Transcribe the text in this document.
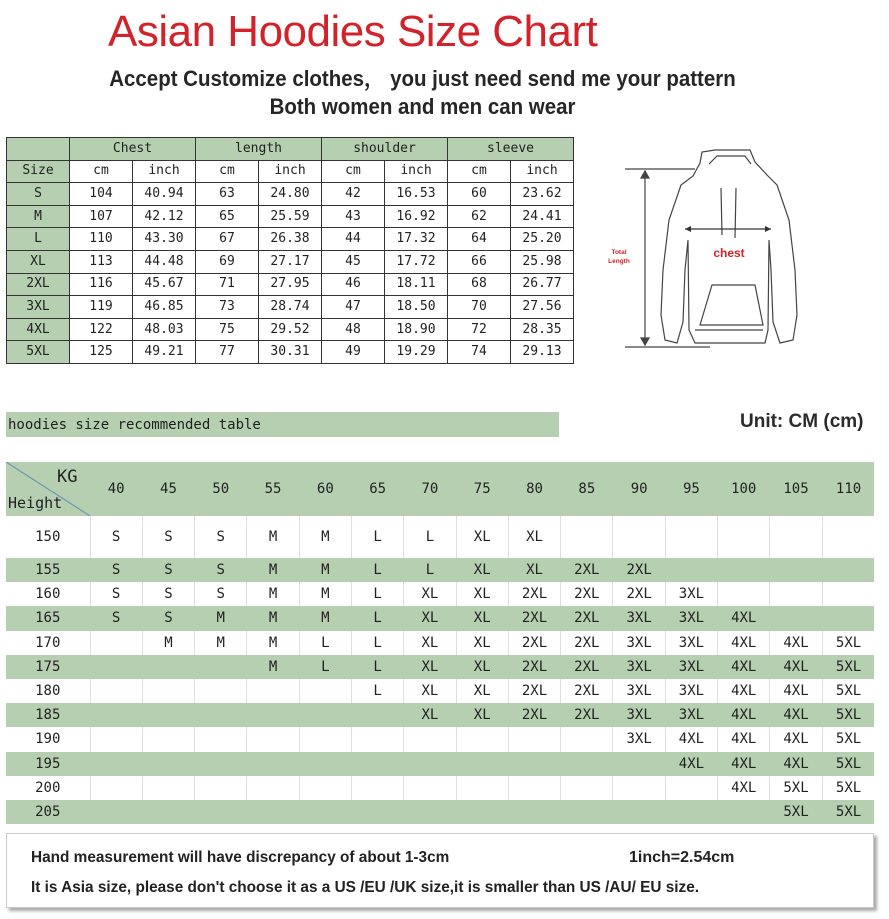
Asian Hoodies Size Chart
Accept Customize clothes， you just need send me your pattern
Both women and men can wear
	Chest		length		shoulder		sleeve	
Size	cm	inch	cm	inch	cm	inch	cm	inch
S	104	40.94	63	24.80	42	16.53	60	23.62
M	107	42.12	65	25.59	43	16.92	62	24.41
L	110	43.30	67	26.38	44	17.32	64	25.20
XL	113	44.48	69	27.17	45	17.72	66	25.98
2XL	116	45.67	71	27.95	46	18.11	68	26.77
3XL	119	46.85	73	28.74	47	18.50	70	27.56
4XL	122	48.03	75	29.52	48	18.90	72	28.35
5XL	125	49.21	77	30.31	49	19.29	74	29.13
chest
Total
Length
hoodies size recommended table	Unit: CM (cm)
KG
Height	40	45	50	55	60	65	70	75	80	85	90	95	100	105	110
150	S	S	S	M	M	L	L	XL	XL						
155	S	S	S	M	M	L	L	XL	XL	2XL	2XL				
160	S	S	S	M	M	L	XL	XL	2XL	2XL	2XL	3XL			
165	S	S	M	M	M	L	XL	XL	2XL	2XL	3XL	3XL	4XL		
170		M	M	M	L	L	XL	XL	2XL	2XL	3XL	3XL	4XL	4XL	5XL
175				M	L	L	XL	XL	2XL	2XL	3XL	3XL	4XL	4XL	5XL
180						L	XL	XL	2XL	2XL	3XL	3XL	4XL	4XL	5XL
185							XL	XL	2XL	2XL	3XL	3XL	4XL	4XL	5XL
190											3XL	4XL	4XL	4XL	5XL
195												4XL	4XL	4XL	5XL
200													4XL	5XL	5XL
205														5XL	5XL
Hand measurement will have discrepancy of about 1-3cm	1inch=2.54cm
It is Asia size, please don't choose it as a US /EU /UK size,it is smaller than US /AU/ EU size.
